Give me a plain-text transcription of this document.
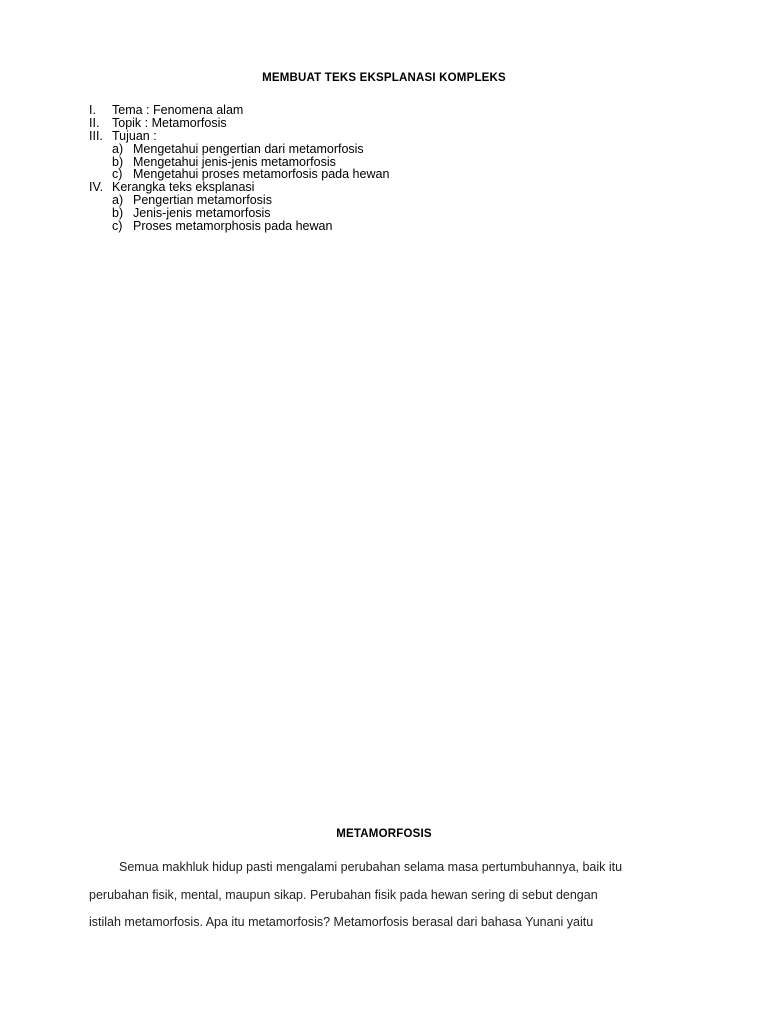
MEMBUAT TEKS EKSPLANASI KOMPLEKS
I. Tema : Fenomena alam
II. Topik : Metamorfosis
III. Tujuan :
a) Mengetahui pengertian dari metamorfosis
b) Mengetahui jenis-jenis metamorfosis
c) Mengetahui proses metamorfosis pada hewan
IV. Kerangka teks eksplanasi
a) Pengertian metamorfosis
b) Jenis-jenis metamorfosis
c) Proses metamorphosis pada hewan
METAMORFOSIS
Semua makhluk hidup pasti mengalami perubahan selama masa pertumbuhannya, baik itu
perubahan fisik, mental, maupun sikap. Perubahan fisik pada hewan sering di sebut dengan
istilah metamorfosis. Apa itu metamorfosis? Metamorfosis berasal dari bahasa Yunani yaitu
